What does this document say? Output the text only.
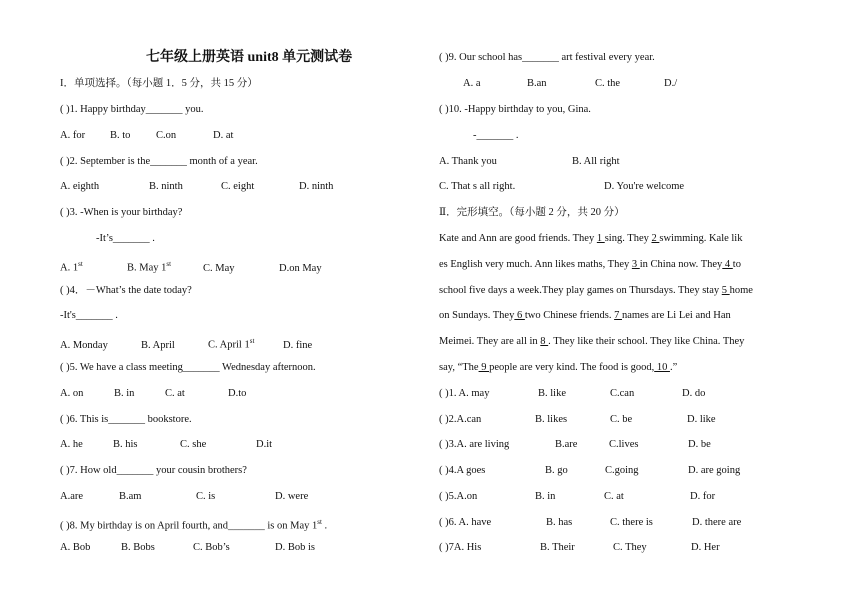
七年级上册英语 unit8 单元测试卷
I．单项选择。（每小题 1．5 分，共 15 分）
( )1. Happy birthday_______ you.
A. for B. to C.on	D. at
( )2. September is the_______ month of a year.
A. eighth	B. ninth	C. eight	D. ninth
( )3. -When is your birthday?
-It’s_______ .
A. 1st	B. May 1st	C. May	D.on May
( )4．－What’s the date today?
-It's_______ .
A. Monday	B. April	C. April 1st	D. fine
( )5. We have a class meeting_______ Wednesday afternoon.
A. on	B. in	C. at	D.to
( )6. This is_______ bookstore.
A. he	B. his	C. she	D.it
( )7. How old_______ your cousin brothers?
A.are	B.am	C. is	D. were
( )8. My birthday is on April fourth, and_______ is on May 1st .
A. Bob	B. Bobs	C. Bob’s	D. Bob is
( )9. Our school has_______ art festival every year.
A. a	B.an	C. the	D./
( )10. -Happy birthday to you, Gina.
-_______ .
A. Thank you	B. All right
C. That s all right.	D. You're welcome
Ⅱ．完形填空。（每小题 2 分，共 20 分）
Kate and Ann are good friends. They 1 sing. They 2 swimming. Kale lik
es English very much. Ann likes maths, They 3 in China now. They 4 to
school five days a week.They play games on Thursdays. They stay 5 home
on Sundays. They 6 two Chinese friends. 7 names are Li Lei and Han
Meimei. They are all in 8 . They like their school. They like China. They
say, “The 9 people are very kind. The food is good, 10 .”
( )1. A. may	B. like	C.can	D. do
( )2.A.can	B. likes	C. be	D. like
( )3.A. are living	B.are	C.lives	D. be
( )4.A goes	B. go	C.going	D. are going
( )5.A.on	B. in	C. at	D. for
( )6. A. have	B. has	C. there is	D. there are
( )7A. His	B. Their	C. They	D. Her
